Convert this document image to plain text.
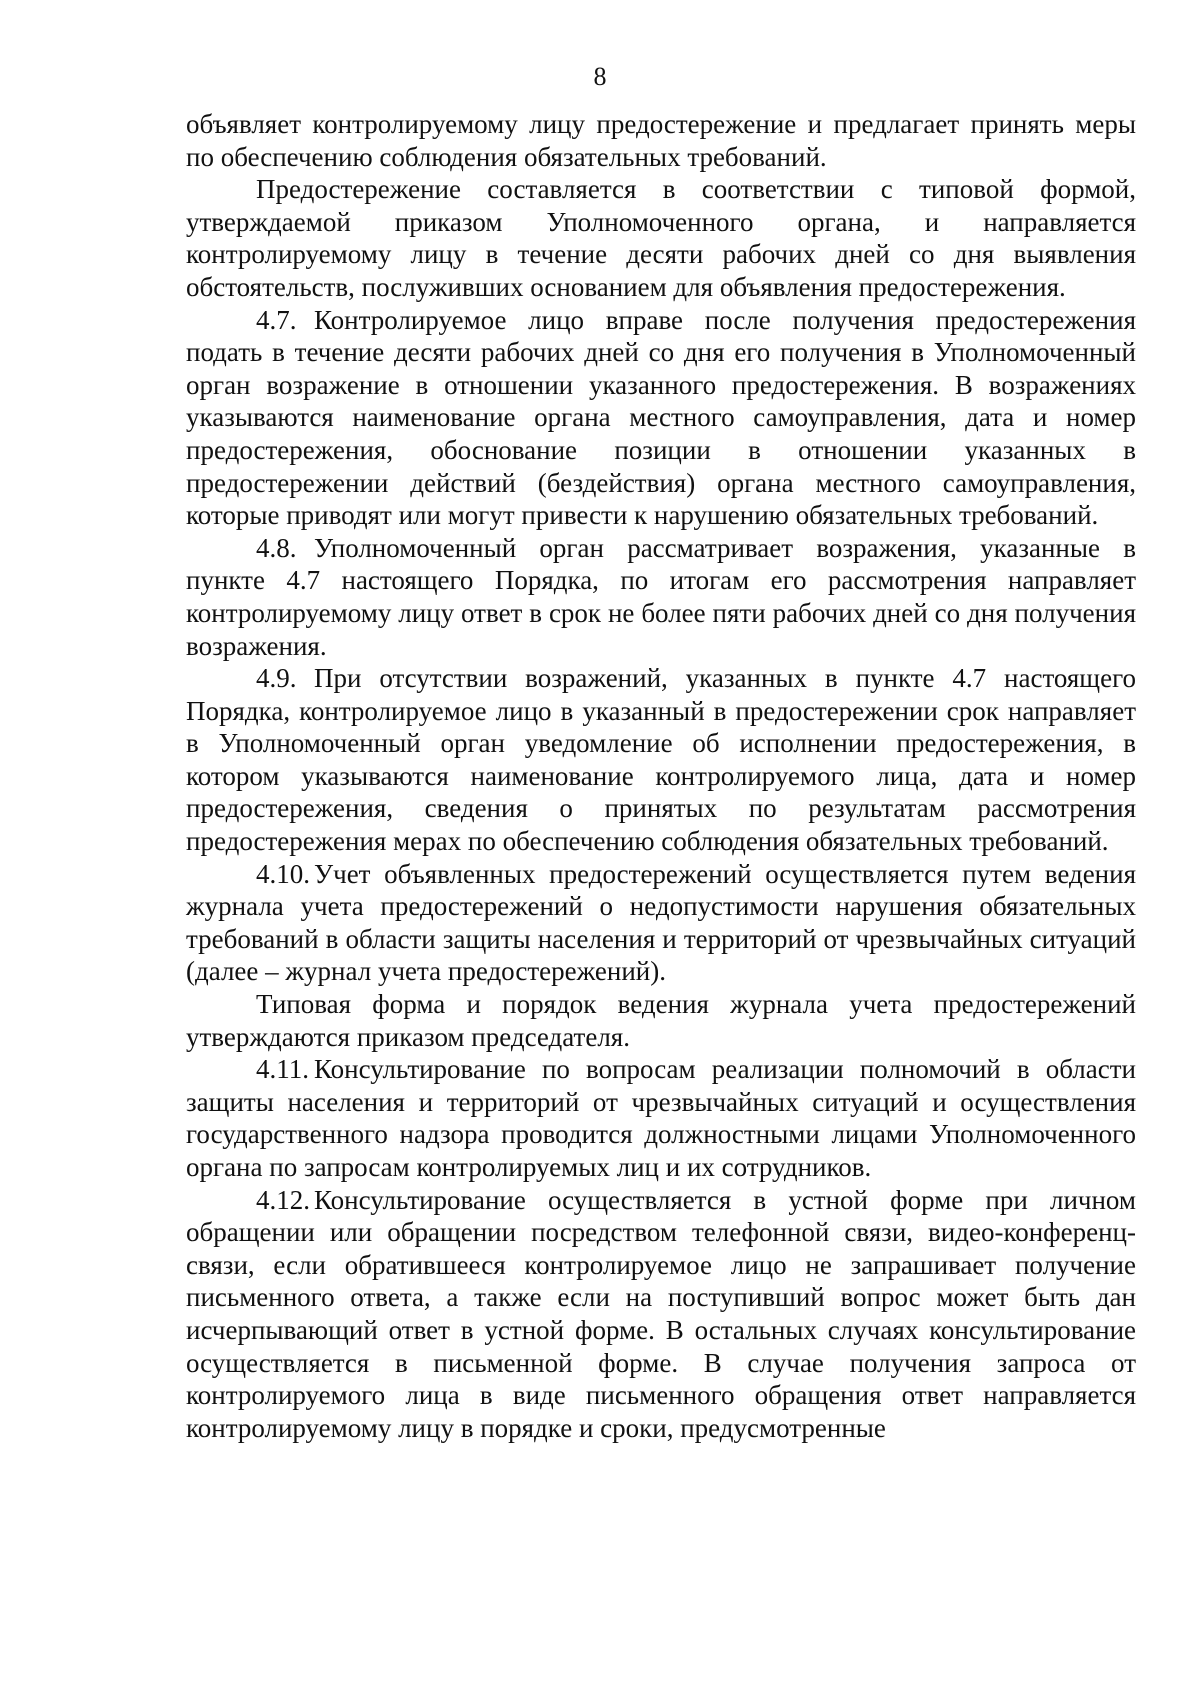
8

объявляет контролируемому лицу предостережение и предлагает принять меры по обеспечению соблюдения обязательных требований.

Предостережение составляется в соответствии с типовой формой, утверждаемой приказом Уполномоченного органа, и направляется контролируемому лицу в течение десяти рабочих дней со дня выявления обстоятельств, послуживших основанием для объявления предостережения.

4.7. Контролируемое лицо вправе после получения предостережения подать в течение десяти рабочих дней со дня его получения в Уполномоченный орган возражение в отношении указанного предостережения. В возражениях указываются наименование органа местного самоуправления, дата и номер предостережения, обоснование позиции в отношении указанных в предостережении действий (бездействия) органа местного самоуправления, которые приводят или могут привести к нарушению обязательных требований.

4.8. Уполномоченный орган рассматривает возражения, указанные в пункте 4.7 настоящего Порядка, по итогам его рассмотрения направляет контролируемому лицу ответ в срок не более пяти рабочих дней со дня получения возражения.

4.9. При отсутствии возражений, указанных в пункте 4.7 настоящего Порядка, контролируемое лицо в указанный в предостережении срок направляет в Уполномоченный орган уведомление об исполнении предостережения, в котором указываются наименование контролируемого лица, дата и номер предостережения, сведения о принятых по результатам рассмотрения предостережения мерах по обеспечению соблюдения обязательных требований.

4.10. Учет объявленных предостережений осуществляется путем ведения журнала учета предостережений о недопустимости нарушения обязательных требований в области защиты населения и территорий от чрезвычайных ситуаций (далее – журнал учета предостережений).

Типовая форма и порядок ведения журнала учета предостережений утверждаются приказом председателя.

4.11. Консультирование по вопросам реализации полномочий в области защиты населения и территорий от чрезвычайных ситуаций и осуществления государственного надзора проводится должностными лицами Уполномоченного органа по запросам контролируемых лиц и их сотрудников.

4.12. Консультирование осуществляется в устной форме при личном обращении или обращении посредством телефонной связи, видео-конференц-связи, если обратившееся контролируемое лицо не запрашивает получение письменного ответа, а также если на поступивший вопрос может быть дан исчерпывающий ответ в устной форме. В остальных случаях консультирование осуществляется в письменной форме. В случае получения запроса от контролируемого лица в виде письменного обращения ответ направляется контролируемому лицу в порядке и сроки, предусмотренные
